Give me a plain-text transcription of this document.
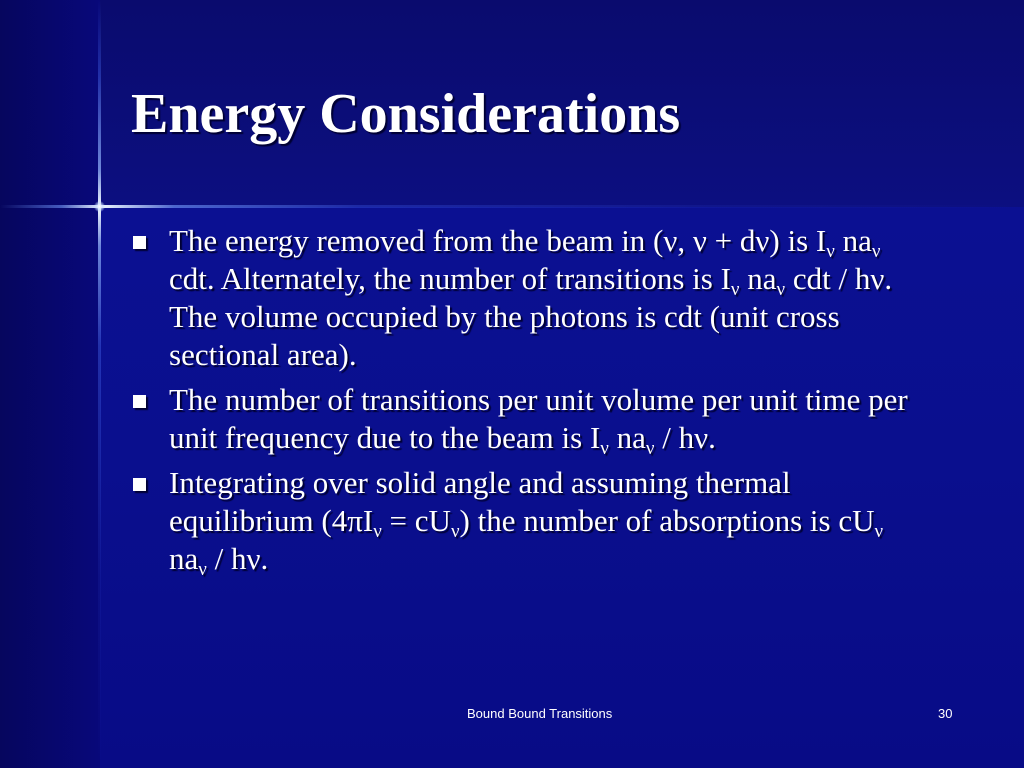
Energy Considerations
The energy removed from the beam in (ν, ν + dν) is $I_\nu$ $na_\nu$ cdt. Alternately, the number of transitions is $I_\nu$ $na_\nu$ cdt / hν. The volume occupied by the photons is cdt (unit cross sectional area).
The number of transitions per unit volume per unit time per unit frequency due to the beam is $I_\nu$ $na_\nu$ / hν.
Integrating over solid angle and assuming thermal equilibrium $(4\pi I_\nu = cU_\nu)$ the number of absorptions is $cU_\nu$ $na_\nu$ / hν.
Bound Bound Transitions	30
